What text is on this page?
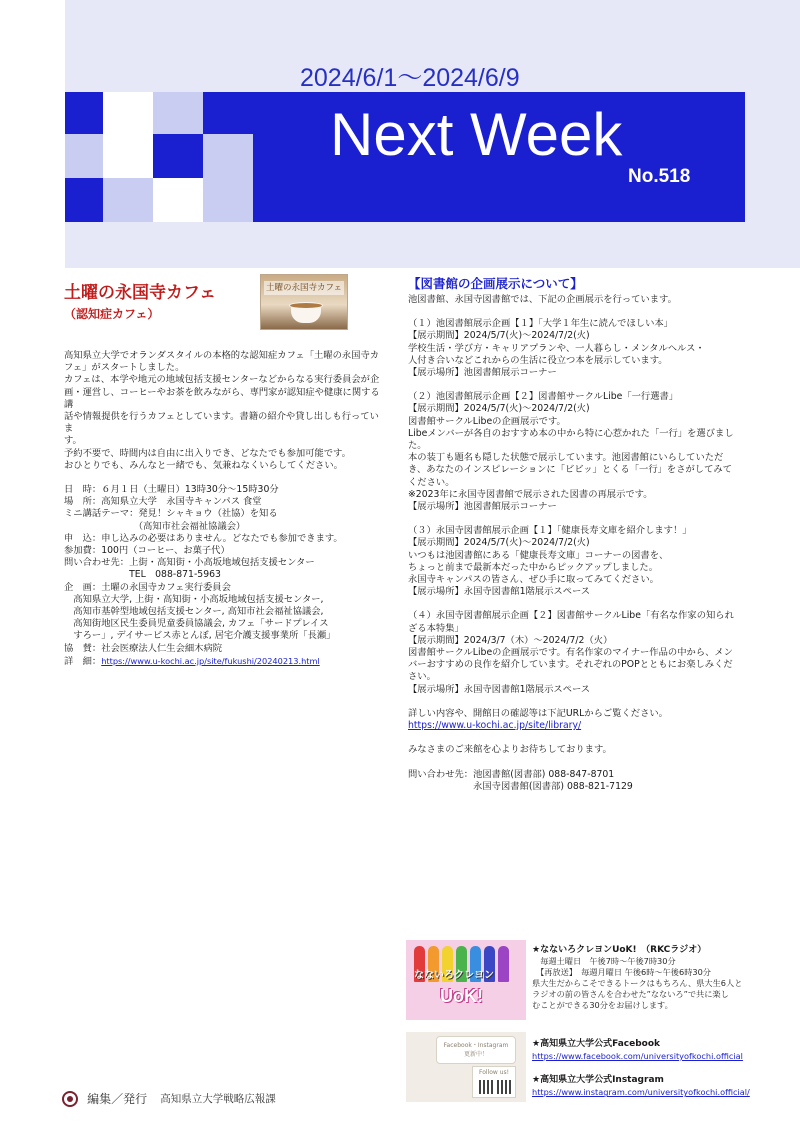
2024/6/1～2024/6/9
Next Week
No.518
土曜の永国寺カフェ
（認知症カフェ）
土曜の永国寺カフェ
高知県立大学でオランダスタイルの本格的な認知症カフェ「土曜の永国寺カ
フェ」がスタートしました。
カフェは、本学や地元の地域包括支援センターなどからなる実行委員会が企
画・運営し、コーヒーやお茶を飲みながら、専門家が認知症や健康に関する講
話や情報提供を行うカフェとしています。書籍の紹介や貸し出しも行っていま
す。
予約不要で、時間内は自由に出入りでき、どなたでも参加可能です。
おひとりでも、みんなと一緒でも、気兼ねなくいらしてください。
日　時：６月１日（土曜日）13時30分～15時30分
場　所：高知県立大学　永国寺キャンパス 食堂
ミニ講話テーマ：発見！シャキョウ（社協）を知る
　　　　　　　　（高知市社会福祉協議会）
申　込：申し込みの必要はありません。どなたでも参加できます。
参加費：100円（コーヒー、お菓子代）
問い合わせ先：上街・高知街・小高坂地域包括支援センター
　　　　　　　TEL　088-871-5963
企　画：土曜の永国寺カフェ実行委員会
　高知県立大学, 上街・高知街・小高坂地域包括支援センター,
　高知市基幹型地域包括支援センター, 高知市社会福祉協議会,
　高知街地区民生委員児童委員協議会, カフェ「サードプレイス
　すろー」, デイサービス赤とんぼ, 居宅介護支援事業所「長瀬」
協　賛：社会医療法人仁生会細木病院
詳　細：https://www.u-kochi.ac.jp/site/fukushi/20240213.html
【図書館の企画展示について】
池図書館、永国寺図書館では、下記の企画展示を行っています。
（１）池図書館展示企画【１】「大学１年生に読んでほしい本」
【展示期間】2024/5/7(火)～2024/7/2(火)
学校生活・学び方・キャリアプランや、一人暮らし・メンタルヘルス・
人付き合いなどこれからの生活に役立つ本を展示しています。
【展示場所】池図書館展示コーナー
（２）池図書館展示企画【２】図書館サークルLibe「一行選書」
【展示期間】2024/5/7(火)～2024/7/2(火)
図書館サークルLibeの企画展示です。
Libeメンバーが各自のおすすめ本の中から特に心惹かれた「一行」を選びまし
た。
本の装丁も題名も隠した状態で展示しています。池図書館にいらしていただ
き、あなたのインスピレーションに「ビビッ」とくる「一行」をさがしてみて
ください。
※2023年に永国寺図書館で展示された図書の再展示です。
【展示場所】池図書館展示コーナー
（３）永国寺図書館展示企画【１】「健康長寿文庫を紹介します！」
【展示期間】2024/5/7(火)～2024/7/2(火)
いつもは池図書館にある「健康長寿文庫」コーナーの図書を、
ちょっと前まで最新本だった中からピックアップしました。
永国寺キャンパスの皆さん、ぜひ手に取ってみてください。
【展示場所】永国寺図書館1階展示スペース
（４）永国寺図書館展示企画【２】図書館サークルLibe「有名な作家の知られ
ざる本特集」
【展示期間】2024/3/7（木）～2024/7/2（火）
図書館サークルLibeの企画展示です。有名作家のマイナー作品の中から、メン
バーおすすめの良作を紹介しています。それぞれのPOPとともにお楽しみくだ
さい。
【展示場所】永国寺図書館1階展示スペース
詳しい内容や、開館日の確認等は下記URLからご覧ください。
https://www.u-kochi.ac.jp/site/library/
みなさまのご来館を心よりお待ちしております。
問い合わせ先：池図書館(図書部) 088-847-8701
　　　　　　　永国寺図書館(図書部) 088-821-7129
なないろクレヨン
UoK!
★なないろクレヨンUoK!　（RKCラジオ）
　毎週土曜日　午後7時～午後7時30分
　【再放送】　毎週月曜日 午後6時～午後6時30分
県大生だからこそできるトークはもちろん、県大生6人と
ラジオの前の皆さんを合わせた”なないろ”で共に楽し
むことができる30分をお届けします。
Facebook・Instagram
更新中！
Follow us!
★高知県立大学公式Facebook
https://www.facebook.com/universityofkochi.official
★高知県立大学公式Instagram
https://www.instagram.com/universityofkochi.official/
編集／発行 高知県立大学戦略広報課
